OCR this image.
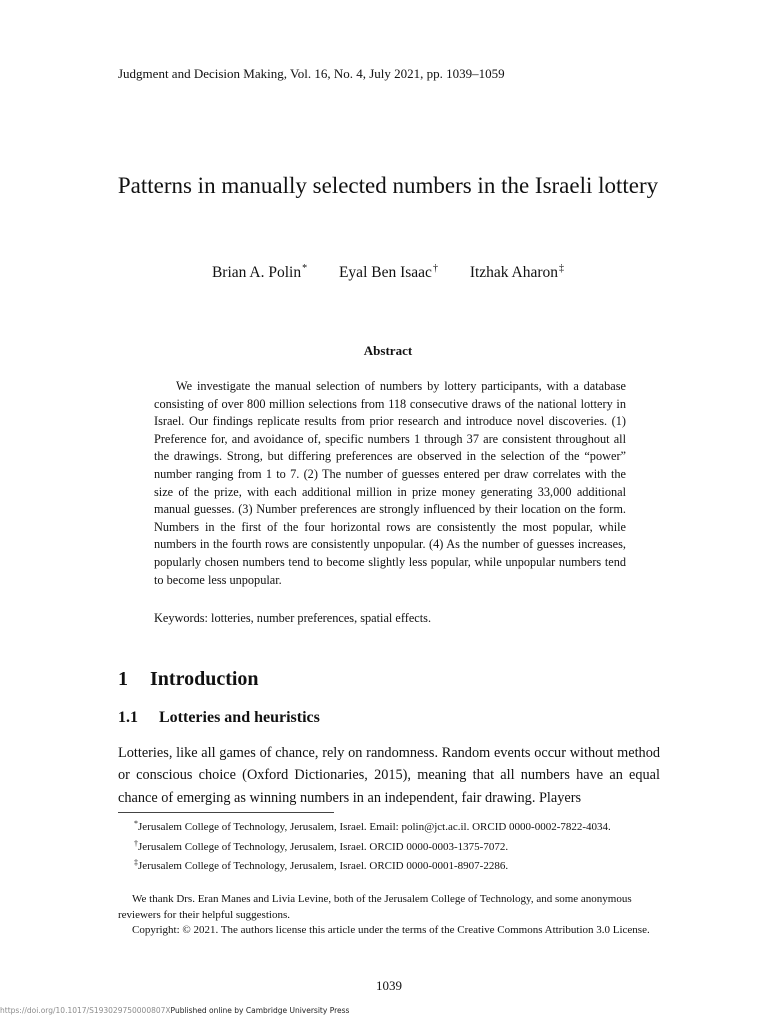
Judgment and Decision Making, Vol. 16, No. 4, July 2021, pp. 1039–1059
Patterns in manually selected numbers in the Israeli lottery
Brian A. Polin* Eyal Ben Isaac† Itzhak Aharon‡
Abstract
We investigate the manual selection of numbers by lottery participants, with a database consisting of over 800 million selections from 118 consecutive draws of the national lottery in Israel. Our findings replicate results from prior research and introduce novel discoveries. (1) Preference for, and avoidance of, specific numbers 1 through 37 are consistent throughout all the drawings. Strong, but differing preferences are observed in the selection of the “power” number ranging from 1 to 7. (2) The number of guesses entered per draw correlates with the size of the prize, with each additional million in prize money generating 33,000 additional manual guesses. (3) Number preferences are strongly influenced by their location on the form. Numbers in the first of the four horizontal rows are consistently the most popular, while numbers in the fourth rows are consistently unpopular. (4) As the number of guesses increases, popularly chosen numbers tend to become slightly less popular, while unpopular numbers tend to become less unpopular.
Keywords: lotteries, number preferences, spatial effects.
1 Introduction
1.1 Lotteries and heuristics
Lotteries, like all games of chance, rely on randomness. Random events occur without method or conscious choice (Oxford Dictionaries, 2015), meaning that all numbers have an equal chance of emerging as winning numbers in an independent, fair drawing. Players

*Jerusalem College of Technology, Jerusalem, Israel. Email: polin@jct.ac.il. ORCID 0000-0002-7822-4034.

†Jerusalem College of Technology, Jerusalem, Israel. ORCID 0000-0003-1375-7072.

‡Jerusalem College of Technology, Jerusalem, Israel. ORCID 0000-0001-8907-2286.

We thank Drs. Eran Manes and Livia Levine, both of the Jerusalem College of Technology, and some anonymous reviewers for their helpful suggestions.

Copyright: © 2021. The authors license this article under the terms of the Creative Commons Attribution 3.0 License.

1039
https://doi.org/10.1017/S193029750000807XPublished online by Cambridge University Press
